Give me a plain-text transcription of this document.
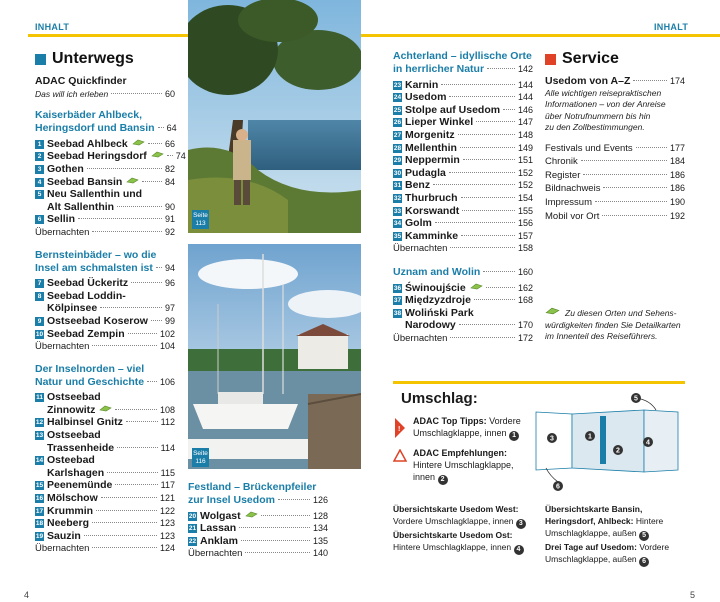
INHALT	INHALT
Unterwegs
ADAC Quickfinder
Das will ich erleben	60
Kaiserbäder Ahlbeck,
Heringsdorf und Bansin 64
1 Seebad Ahlbeck	66
2 Seebad Heringsdorf	74
3 Gothen	82
4 Seebad Bansin	84
5 Neu Sallenthin und
Alt Sallenthin	90
6 Sellin	91
Übernachten	92
Bernsteinbäder – wo die
Insel am schmalsten ist 94
7 Seebad Ückeritz	96
8 Seebad Loddin-
Kölpinsee	97
9 Ostseebad Koserow 99
10 Seebad Zempin	102
Übernachten	104
Der Inselnorden – viel
Natur und Geschichte 106
11 Ostseebad
Zinnowitz	108
12 Halbinsel Gnitz	112
13 Ostseebad
Trassenheide	114
14 Osteebad
Karlshagen	115
15 Peenemünde	117
16 Mölschow	121
17 Krummin	122
18 Neeberg	123
19 Sauzin	123
Übernachten	124
4
Seite
113
Seite
116
Festland – Brückenpfeiler
zur Insel Usedom	126
20 Wolgast	128
21 Lassan	134
22 Anklam	135
Übernachten	140
Achterland – idyllische Orte
in herrlicher Natur	142
23 Karnin	144
24 Usedom	144
25 Stolpe auf Usedom 146
26 Lieper Winkel	147
27 Morgenitz	148
28 Mellenthin	149
29 Neppermin	151
30 Pudagla	152
31 Benz	152
32 Thurbruch	154
33 Korswandt	155
34 Golm	156
35 Kamminke	157
Übernachten	158
Uznam and Wolin	160
36 Świnoujście	162
37 Międzyzdroje	168
38 Woliński Park
Narodowy	170
Übernachten	172
Service
Usedom von A–Z	174
Alle wichtigen reisepraktischen
Informationen – von der Anreise
über Notrufnummern bis hin
zu den Zollbestimmungen.
Festivals und Events	177
Chronik	184
Register	186
Bildnachweis	186
Impressum	190
Mobil vor Ort	192
Zu diesen Orten und Sehens-
würdigkeiten finden Sie Detailkarten
im Innenteil des Reiseführers.
Umschlag:
!
ADAC Top Tipps: Vordere
Umschlagklappe, innen 1
ADAC Empfehlungen:
Hintere Umschlagklappe,
innen 2
5
1
3
2
4
6
Übersichtskarte Usedom West:
Vordere Umschlagklappe, innen 3
Übersichtskarte Usedom Ost:
Hintere Umschlagklappe, innen 4
Übersichtskarte Bansin,
Heringsdorf, Ahlbeck: Hintere
Umschlagklappe, außen 5
Drei Tage auf Usedom: Vordere
Umschlagklappe, außen 6
5
